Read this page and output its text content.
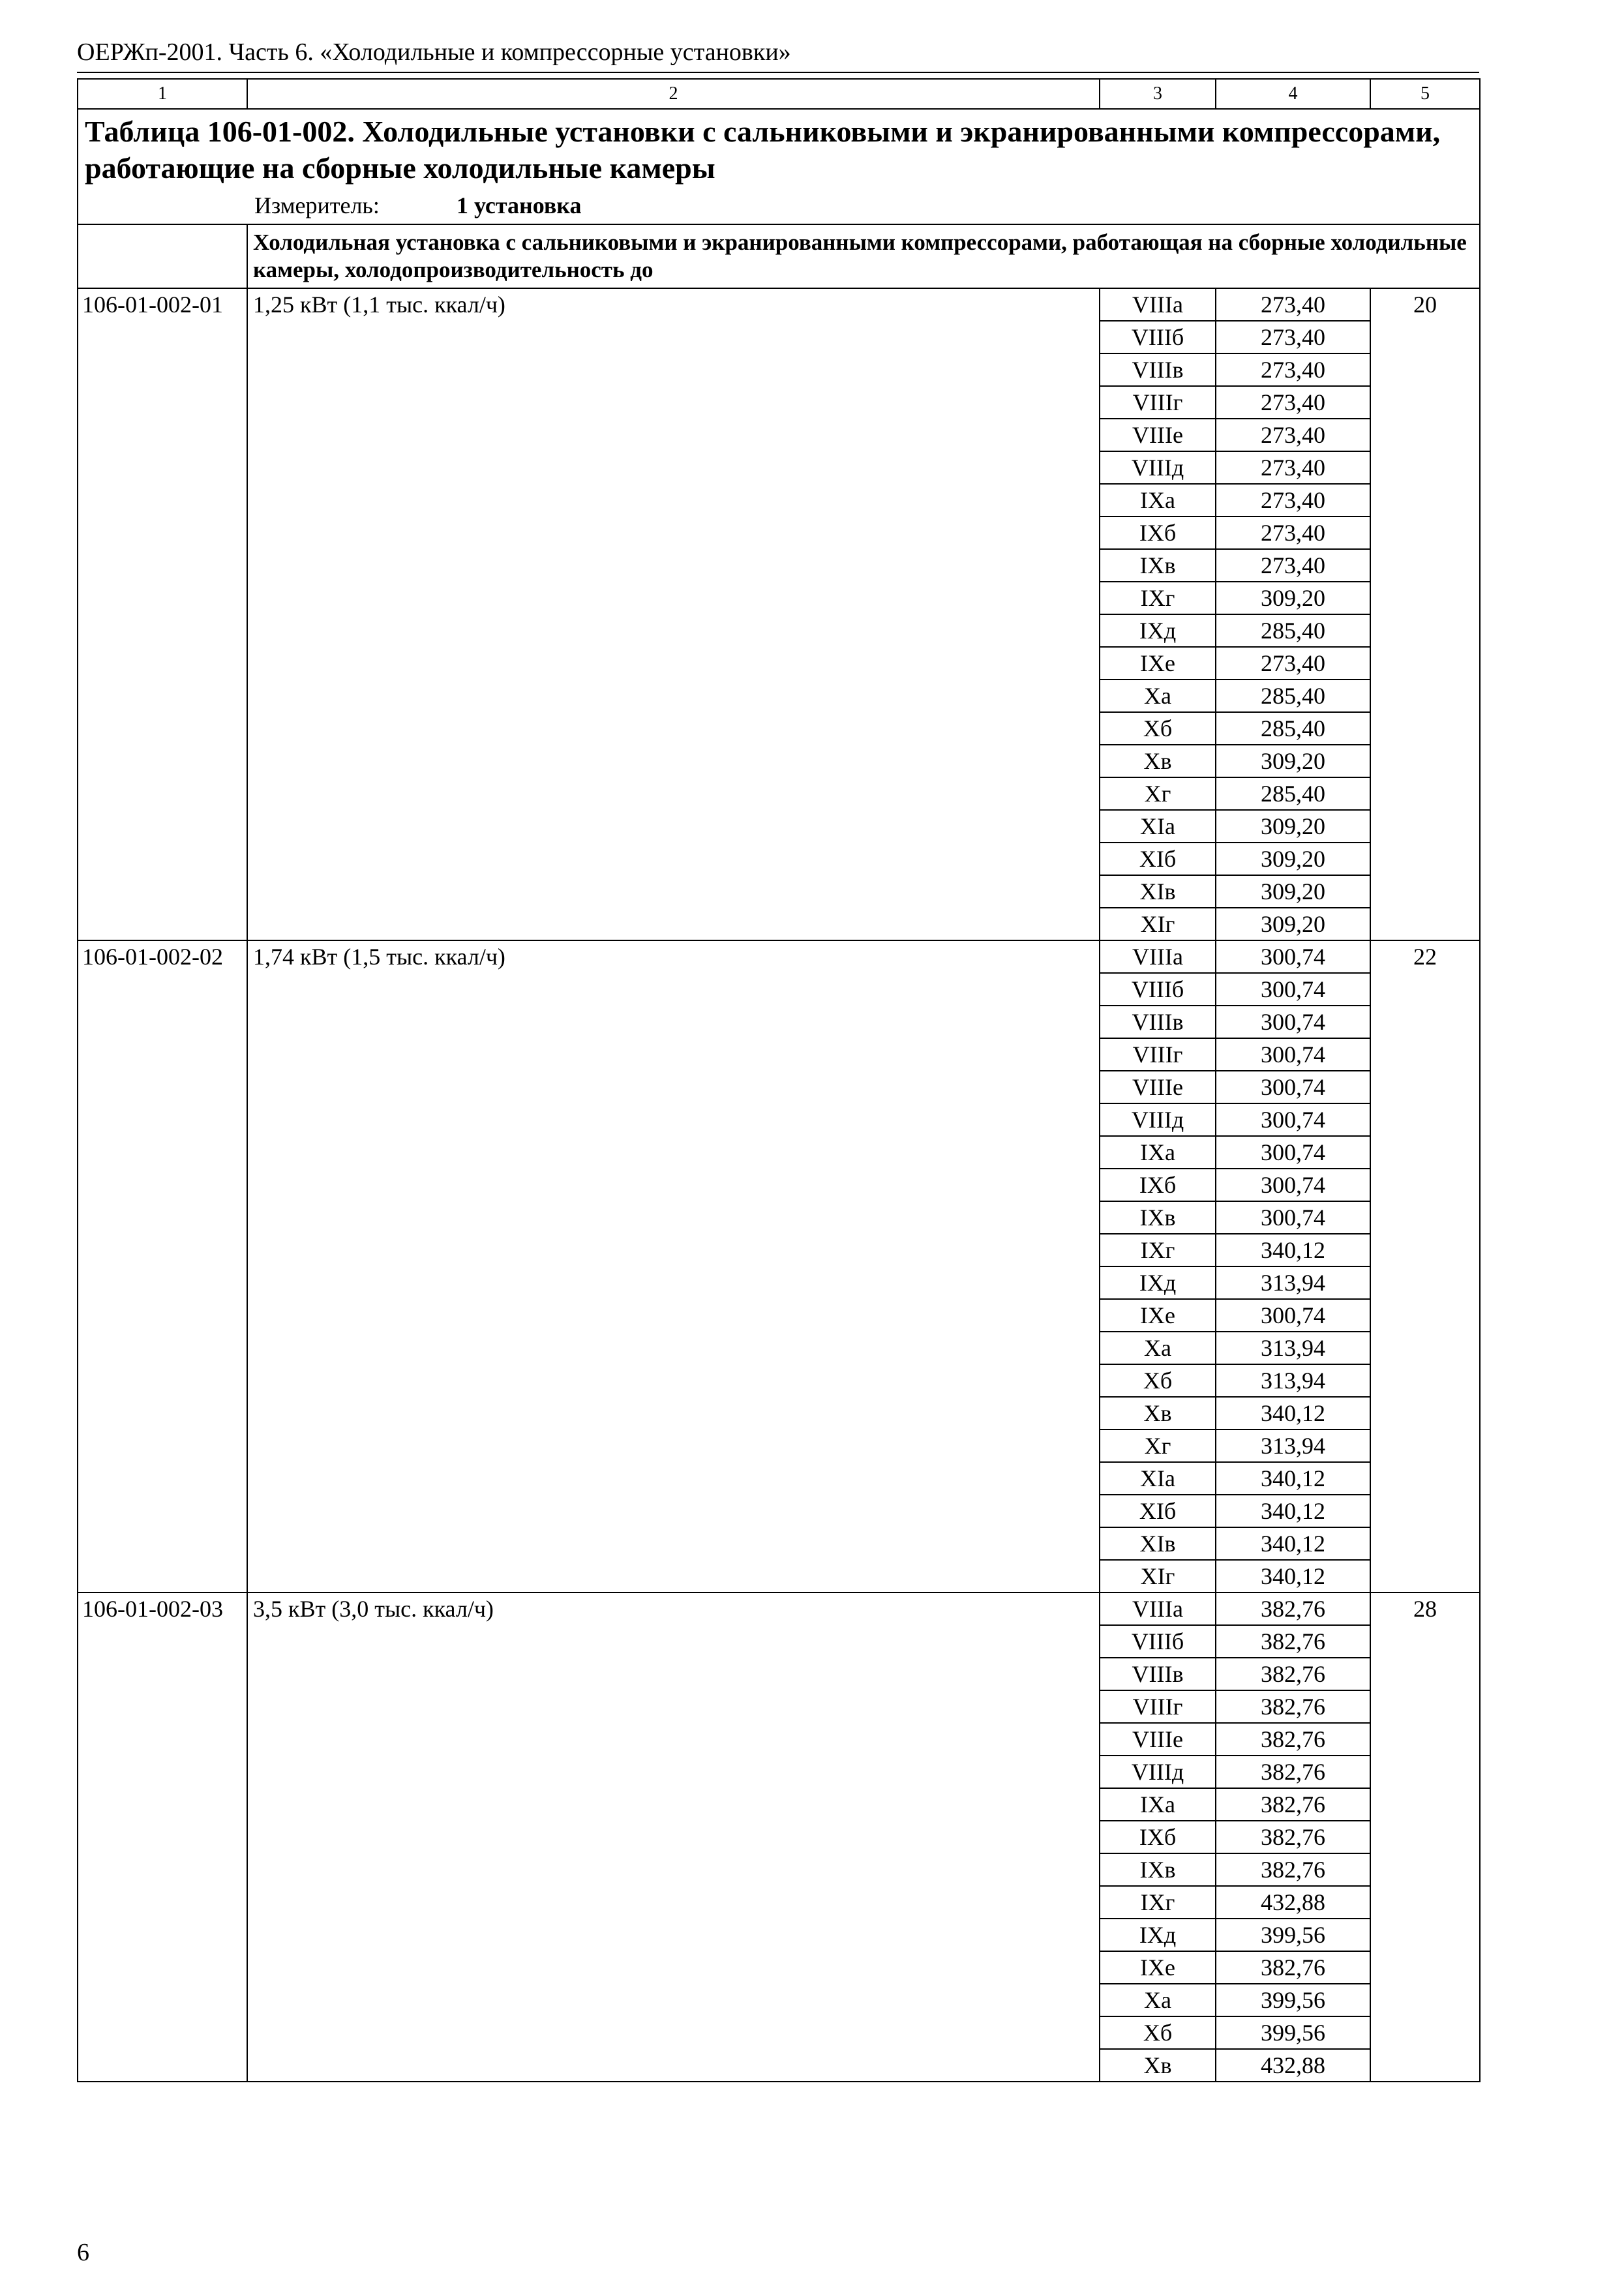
ОЕРЖп-2001. Часть 6. «Холодильные и компрессорные установки»
1	2	3	4	5
Таблица 106-01-002. Холодильные установки с сальниковыми и экранированными компрессорами, работающие на сборные холодильные камеры				
Измеритель: 1 установка				
	Холодильная установка с сальниковыми и экранированными компрессорами, работающая на сборные холодильные камеры, холодопроизводительность до			
106-01-002-01	1,25 кВт (1,1 тыс. ккал/ч)	VIIIа	273,40	20
		VIIIб	273,40	
		VIIIв	273,40	
		VIIIг	273,40	
		VIIIе	273,40	
		VIIIд	273,40	
		IXа	273,40	
		IXб	273,40	
		IXв	273,40	
		IXг	309,20	
		IXд	285,40	
		IXе	273,40	
		Xа	285,40	
		Xб	285,40	
		Xв	309,20	
		Xг	285,40	
		XIа	309,20	
		XIб	309,20	
		XIв	309,20	
		XIг	309,20	
106-01-002-02	1,74 кВт (1,5 тыс. ккал/ч)	VIIIа	300,74	22
		VIIIб	300,74	
		VIIIв	300,74	
		VIIIг	300,74	
		VIIIе	300,74	
		VIIIд	300,74	
		IXа	300,74	
		IXб	300,74	
		IXв	300,74	
		IXг	340,12	
		IXд	313,94	
		IXе	300,74	
		Xа	313,94	
		Xб	313,94	
		Xв	340,12	
		Xг	313,94	
		XIа	340,12	
		XIб	340,12	
		XIв	340,12	
		XIг	340,12	
106-01-002-03	3,5 кВт (3,0 тыс. ккал/ч)	VIIIа	382,76	28
		VIIIб	382,76	
		VIIIв	382,76	
		VIIIг	382,76	
		VIIIе	382,76	
		VIIIд	382,76	
		IXа	382,76	
		IXб	382,76	
		IXв	382,76	
		IXг	432,88	
		IXд	399,56	
		IXе	382,76	
		Xа	399,56	
		Xб	399,56	
		Xв	432,88	
6
